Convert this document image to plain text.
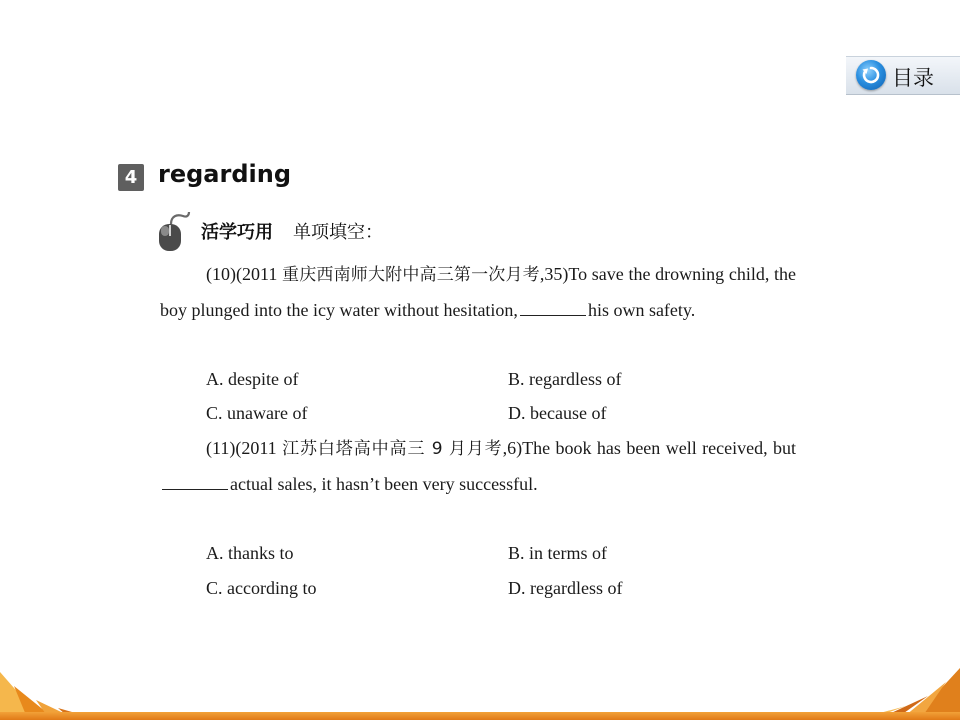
目录
4 regarding
活学巧用 单项填空：
(10)(2011 重庆西南师大附中高三第一次月考,35)To save the drowning child, the boy plunged into the icy water without hesitation,	his own safety.
A. despite of	B. regardless of
C. unaware of	D. because of
(11)(2011 江苏白塔高中高三 9 月月考,6)The book has been well received, butactual sales, it hasn’t been very successful.
A. thanks to	B. in terms of
C. according to	D. regardless of
